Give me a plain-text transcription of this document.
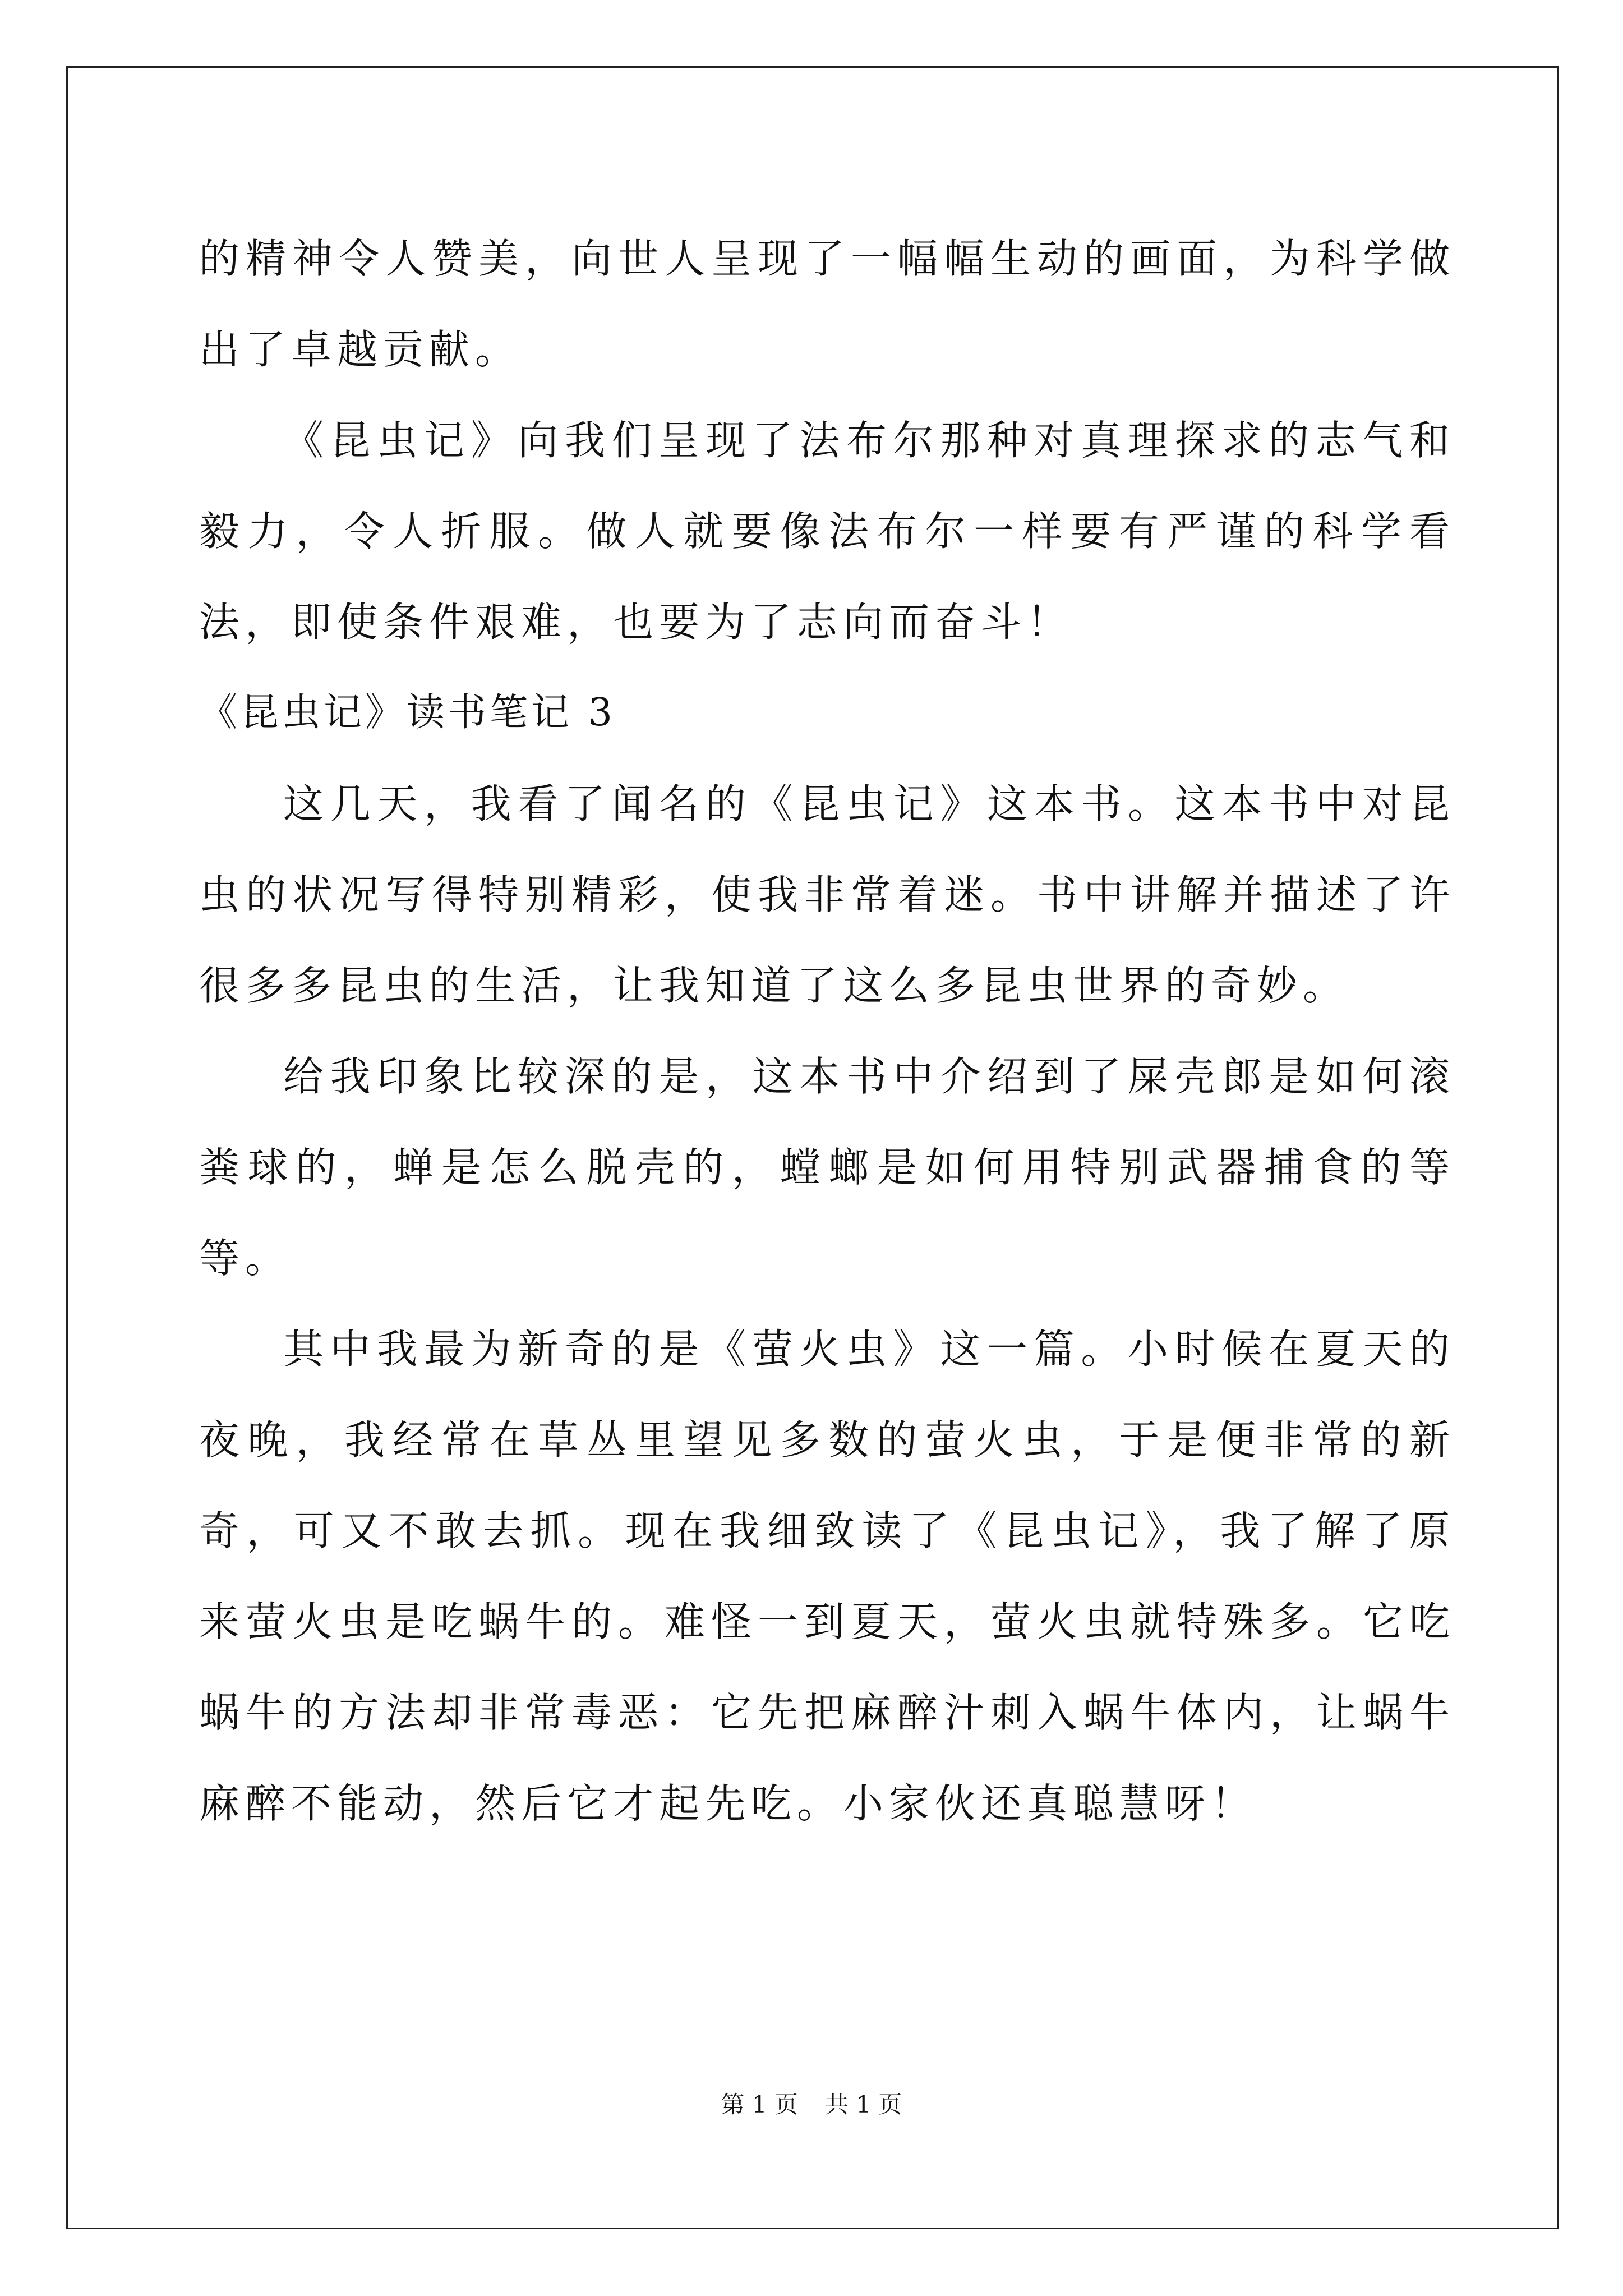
的精神令人赞美，向世人呈现了一幅幅生动的画面，为科学做出了卓越贡献。

《昆虫记》向我们呈现了法布尔那种对真理探求的志气和毅力，令人折服。做人就要像法布尔一样要有严谨的科学看法，即使条件艰难，也要为了志向而奋斗！

《昆虫记》读书笔记 3

这几天，我看了闻名的《昆虫记》这本书。这本书中对昆虫的状况写得特别精彩，使我非常着迷。书中讲解并描述了许很多多昆虫的生活，让我知道了这么多昆虫世界的奇妙。

给我印象比较深的是，这本书中介绍到了屎壳郎是如何滚粪球的，蝉是怎么脱壳的，螳螂是如何用特别武器捕食的等等。

其中我最为新奇的是《萤火虫》这一篇。小时候在夏天的夜晚，我经常在草丛里望见多数的萤火虫，于是便非常的新奇，可又不敢去抓。现在我细致读了《昆虫记》，我了解了原来萤火虫是吃蜗牛的。难怪一到夏天，萤火虫就特殊多。它吃蜗牛的方法却非常毒恶：它先把麻醉汁刺入蜗牛体内，让蜗牛麻醉不能动，然后它才起先吃。小家伙还真聪慧呀！

第 1 页 共 1 页
